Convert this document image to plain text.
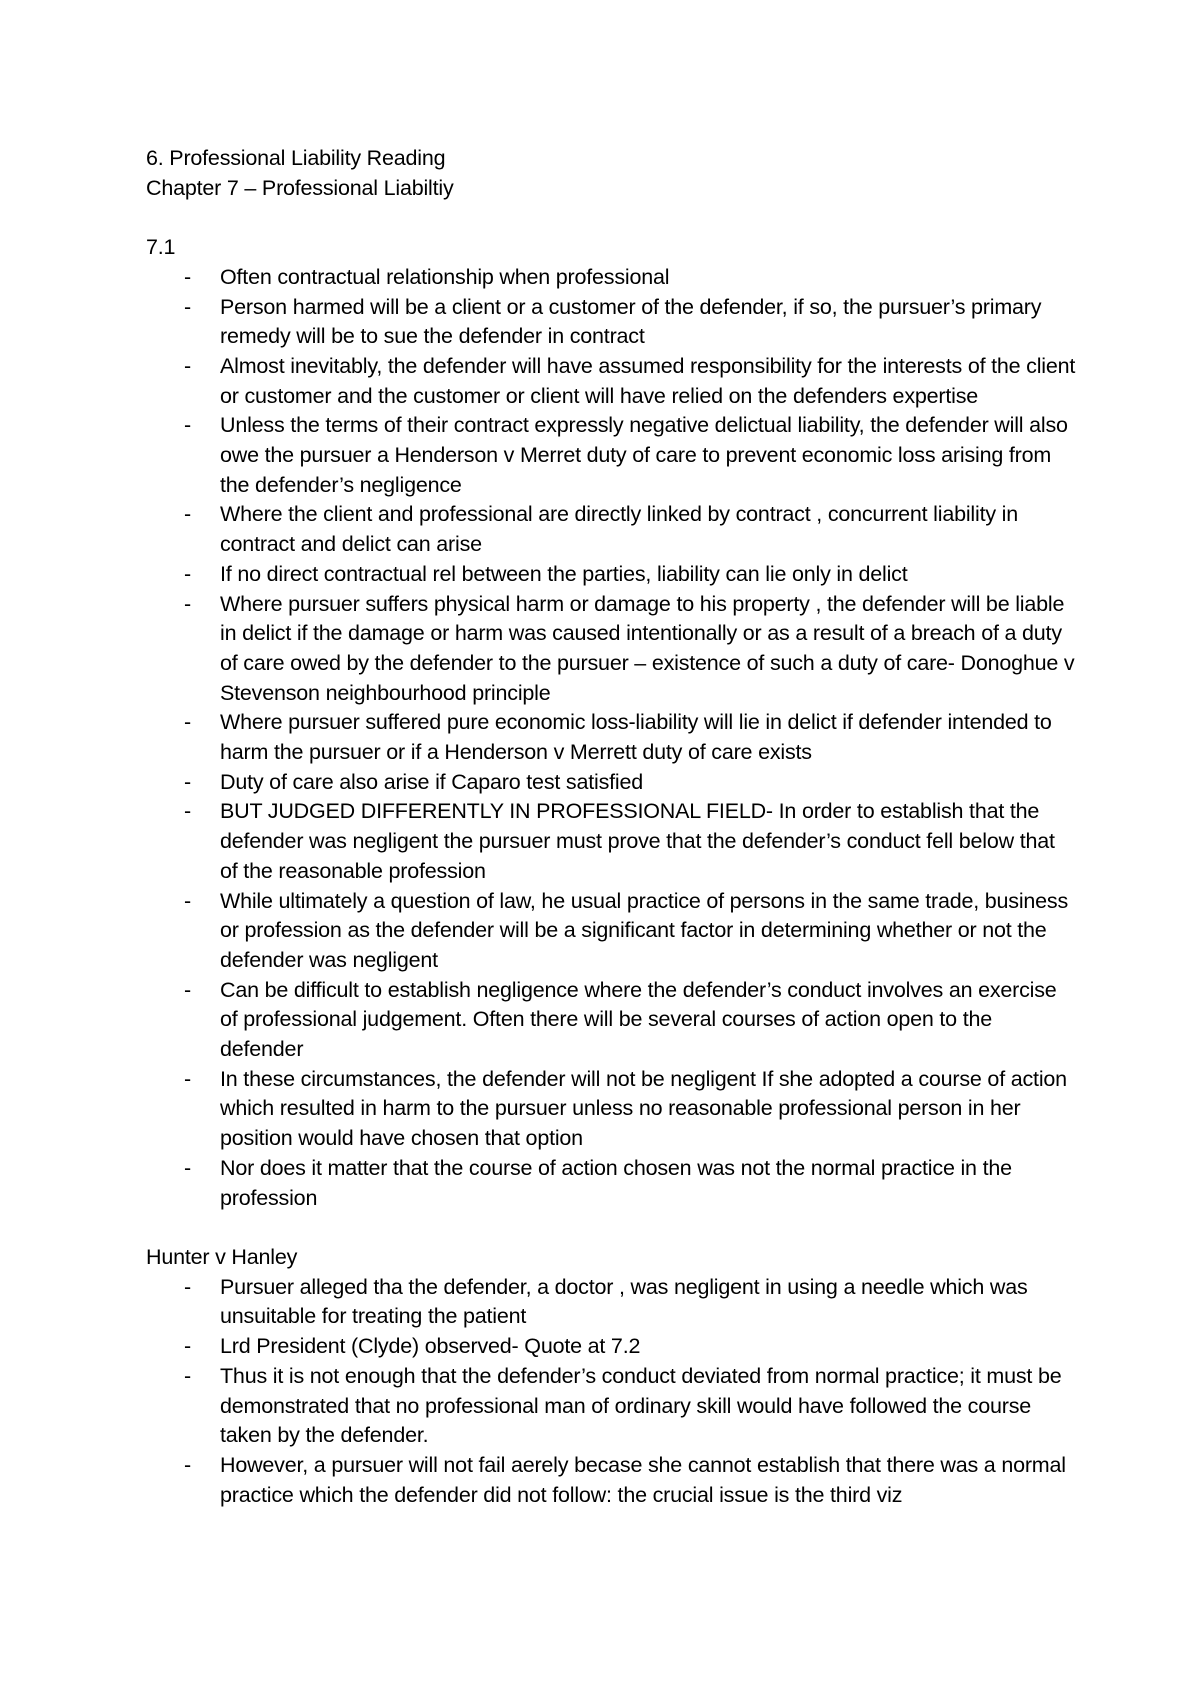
6. Professional Liability Reading

Chapter 7 – Professional Liabiltiy

7.1

- Often contractual relationship when professional
- Person harmed will be a client or a customer of the defender, if so, the pursuer’s primary remedy will be to sue the defender in contract
- Almost inevitably, the defender will have assumed responsibility for the interests of the client or customer and the customer or client will have relied on the defenders expertise
- Unless the terms of their contract expressly negative delictual liability, the defender will also owe the pursuer a Henderson v Merret duty of care to prevent economic loss arising from the defender’s negligence
- Where the client and professional are directly linked by contract , concurrent liability in contract and delict can arise
- If no direct contractual rel between the parties, liability can lie only in delict
- Where pursuer suffers physical harm or damage to his property , the defender will be liable in delict if the damage or harm was caused intentionally or as a result of a breach of a duty of care owed by the defender to the pursuer – existence of such a duty of care- Donoghue v Stevenson neighbourhood principle
- Where pursuer suffered pure economic loss-liability will lie in delict if defender intended to harm the pursuer or if a Henderson v Merrett duty of care exists
- Duty of care also arise if Caparo test satisfied
- BUT JUDGED DIFFERENTLY IN PROFESSIONAL FIELD- In order to establish that the defender was negligent the pursuer must prove that the defender’s conduct fell below that of the reasonable profession
- While ultimately a question of law, he usual practice of persons in the same trade, business or profession as the defender will be a significant factor in determining whether or not the defender was negligent
- Can be difficult to establish negligence where the defender’s conduct involves an exercise of professional judgement. Often there will be several courses of action open to the defender
- In these circumstances, the defender will not be negligent If she adopted a course of action which resulted in harm to the pursuer unless no reasonable professional person in her position would have chosen that option
- Nor does it matter that the course of action chosen was not the normal practice in the profession

Hunter v Hanley

- Pursuer alleged tha the defender, a doctor , was negligent in using a needle which was unsuitable for treating the patient
- Lrd President (Clyde) observed- Quote at 7.2
- Thus it is not enough that the defender’s conduct deviated from normal practice; it must be demonstrated that no professional man of ordinary skill would have followed the course taken by the defender.
- However, a pursuer will not fail aerely becase she cannot establish that there was a normal practice which the defender did not follow: the crucial issue is the third viz
